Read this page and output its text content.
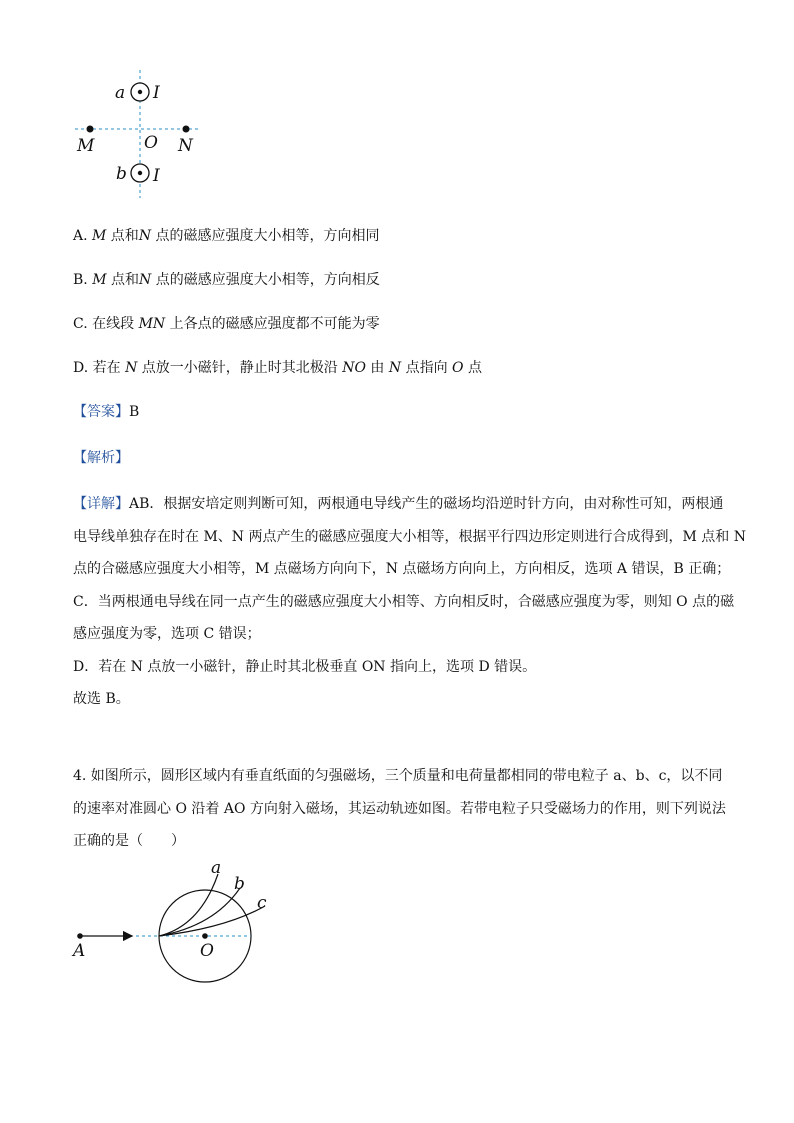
a I
M	O N
b I
A. M 点和N 点的磁感应强度大小相等，方向相同
B. M 点和N 点的磁感应强度大小相等，方向相反
C. 在线段 MN 上各点的磁感应强度都不可能为零
D. 若在 N 点放一小磁针，静止时其北极沿 NO 由 N 点指向 O 点
【答案】B
【解析】
【详解】AB．根据安培定则判断可知，两根通电导线产生的磁场均沿逆时针方向，由对称性可知，两根通
电导线单独存在时在 M、N 两点产生的磁感应强度大小相等，根据平行四边形定则进行合成得到，M 点和 N
点的合磁感应强度大小相等，M 点磁场方向向下，N 点磁场方向向上，方向相反，选项 A 错误，B 正确；
C．当两根通电导线在同一点产生的磁感应强度大小相等、方向相反时，合磁感应强度为零，则知 O 点的磁
感应强度为零，选项 C 错误；
D．若在 N 点放一小磁针，静止时其北极垂直 ON 指向上，选项 D 错误。
故选 B。
4. 如图所示，圆形区域内有垂直纸面的匀强磁场，三个质量和电荷量都相同的带电粒子 a、b、c，以不同
的速率对准圆心 O 沿着 AO 方向射入磁场，其运动轨迹如图。若带电粒子只受磁场力的作用，则下列说法
正确的是（　　）
a
b
c
A	O
